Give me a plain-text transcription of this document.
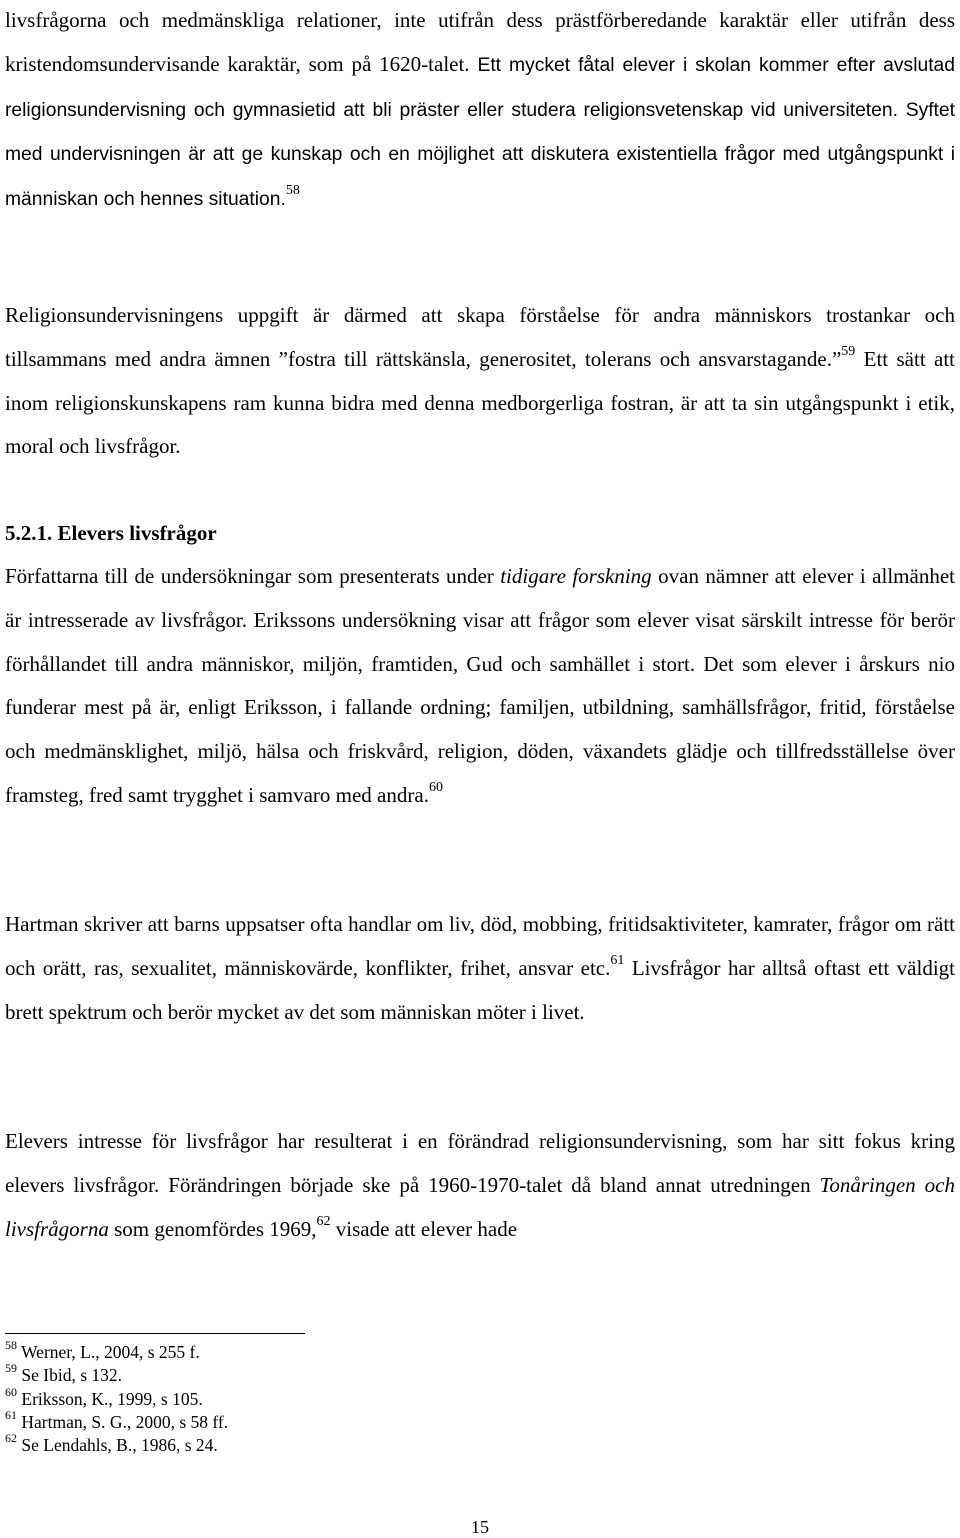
livsfrågorna och medmänskliga relationer, inte utifrån dess prästförberedande karaktär eller utifrån dess kristendomsundervisande karaktär, som på 1620-talet. Ett mycket fåtal elever i skolan kommer efter avslutad religionsundervisning och gymnasietid att bli präster eller studera religionsvetenskap vid universiteten. Syftet med undervisningen är att ge kunskap och en möjlighet att diskutera existentiella frågor med utgångspunkt i människan och hennes situation.$^{58}$

Religionsundervisningens uppgift är därmed att skapa förståelse för andra människors trostankar och tillsammans med andra ämnen ”fostra till rättskänsla, generositet, tolerans och ansvarstagande.”$^{59}$ Ett sätt att inom religionskunskapens ram kunna bidra med denna medborgerliga fostran, är att ta sin utgångspunkt i etik, moral och livsfrågor.

5.2.1. Elevers livsfrågor

Författarna till de undersökningar som presenterats under tidigare forskning ovan nämner att elever i allmänhet är intresserade av livsfrågor. Erikssons undersökning visar att frågor som elever visat särskilt intresse för berör förhållandet till andra människor, miljön, framtiden, Gud och samhället i stort. Det som elever i årskurs nio funderar mest på är, enligt Eriksson, i fallande ordning; familjen, utbildning, samhällsfrågor, fritid, förståelse och medmänsklighet, miljö, hälsa och friskvård, religion, döden, växandets glädje och tillfredsställelse över framsteg, fred samt trygghet i samvaro med andra.$^{60}$

Hartman skriver att barns uppsatser ofta handlar om liv, död, mobbing, fritidsaktiviteter, kamrater, frågor om rätt och orätt, ras, sexualitet, människovärde, konflikter, frihet, ansvar etc.$^{61}$ Livsfrågor har alltså oftast ett väldigt brett spektrum och berör mycket av det som människan möter i livet.

Elevers intresse för livsfrågor har resulterat i en förändrad religionsundervisning, som har sitt fokus kring elevers livsfrågor. Förändringen började ske på 1960-1970-talet då bland annat utredningen Tonåringen och livsfrågorna som genomfördes 1969,62 visade att elever hade

$^{58}$ Werner, L., 2004, s 255 f.
$^{59}$ Se Ibid, s 132.
$^{60}$ Eriksson, K., 1999, s 105.
$^{61}$ Hartman, S. G., 2000, s 58 ff.
$^{62}$ Se Lendahls, B., 1986, s 24.
15
